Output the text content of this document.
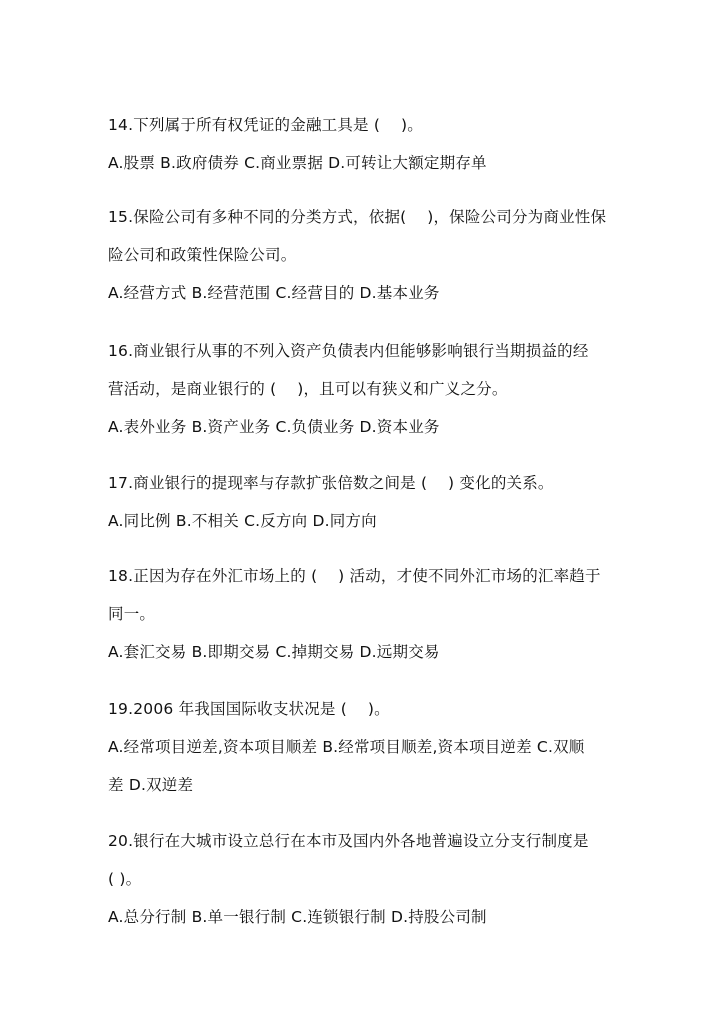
14.下列属于所有权凭证的金融工具是 (　 )。
A.股票 B.政府债券 C.商业票据 D.可转让大额定期存单
15.保险公司有多种不同的分类方式，依据(　 )，保险公司分为商业性保
险公司和政策性保险公司。
A.经营方式 B.经营范围 C.经营目的 D.基本业务
16.商业银行从事的不列入资产负债表内但能够影响银行当期损益的经
营活动，是商业银行的 (　 )，且可以有狭义和广义之分。
A.表外业务 B.资产业务 C.负债业务 D.资本业务
17.商业银行的提现率与存款扩张倍数之间是 (　 ) 变化的关系。
A.同比例 B.不相关 C.反方向 D.同方向
18.正因为存在外汇市场上的 (　 ) 活动，才使不同外汇市场的汇率趋于
同一。
A.套汇交易 B.即期交易 C.掉期交易 D.远期交易
19.2006 年我国国际收支状况是 (　 )。
A.经常项目逆差,资本项目顺差 B.经常项目顺差,资本项目逆差 C.双顺
差 D.双逆差
20.银行在大城市设立总行在本市及国内外各地普遍设立分支行制度是
( )。
A.总分行制 B.单一银行制 C.连锁银行制 D.持股公司制
